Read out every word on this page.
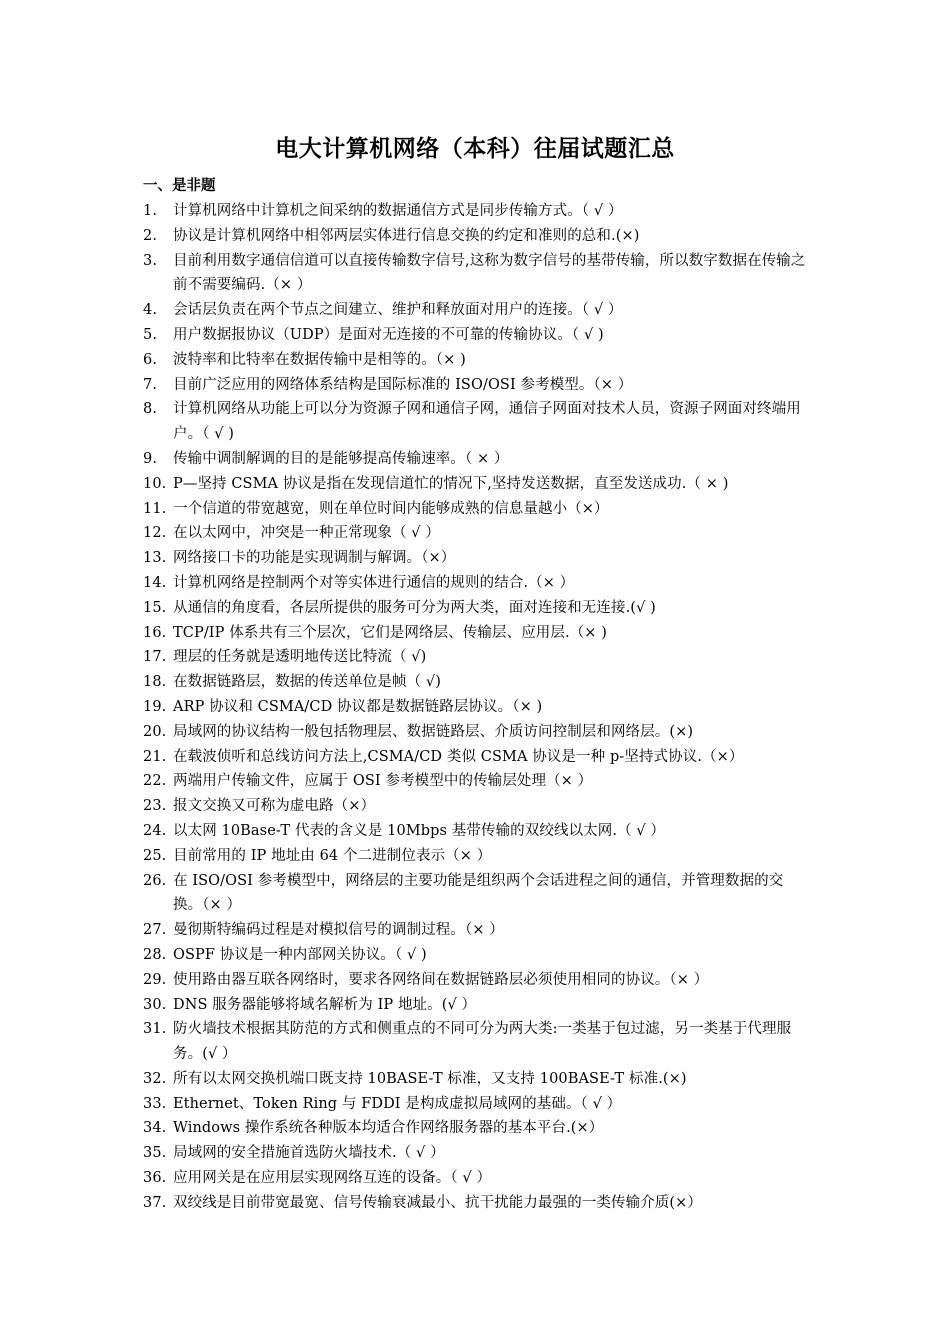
电大计算机网络（本科）往届试题汇总
一、是非题
1. 计算机网络中计算机之间采纳的数据通信方式是同步传输方式。（ √ ）
2. 协议是计算机网络中相邻两层实体进行信息交换的约定和准则的总和.(×)
3. 目前利用数字通信信道可以直接传输数字信号,这称为数字信号的基带传输，所以数字数据在传输之前不需要编码.（× ）
4. 会话层负责在两个节点之间建立、维护和释放面对用户的连接。（ √ ）
5. 用户数据报协议（UDP）是面对无连接的不可靠的传输协议。（ √ )
6. 波特率和比特率在数据传输中是相等的。（× )
7. 目前广泛应用的网络体系结构是国际标准的 ISO/OSI 参考模型。（× ）
8. 计算机网络从功能上可以分为资源子网和通信子网，通信子网面对技术人员，资源子网面对终端用户。（ √ )
9. 传输中调制解调的目的是能够提高传输速率。（ × ）
10. P—坚持 CSMA 协议是指在发现信道忙的情况下,坚持发送数据，直至发送成功.（ × )
11. 一个信道的带宽越宽，则在单位时间内能够成熟的信息量越小（×）
12. 在以太网中，冲突是一种正常现象（ √ ）
13. 网络接口卡的功能是实现调制与解调。（×）
14. 计算机网络是控制两个对等实体进行通信的规则的结合.（× ）
15. 从通信的角度看，各层所提供的服务可分为两大类，面对连接和无连接.(√ )
16. TCP/IP 体系共有三个层次，它们是网络层、传输层、应用层.（× )
17. 理层的任务就是透明地传送比特流（ √)
18. 在数据链路层，数据的传送单位是帧（ √)
19. ARP 协议和 CSMA/CD 协议都是数据链路层协议。（× )
20. 局域网的协议结构一般包括物理层、数据链路层、介质访问控制层和网络层。(×)
21. 在载波侦听和总线访问方法上,CSMA/CD 类似 CSMA 协议是一种 p-坚持式协议.（×）
22. 两端用户传输文件，应属于 OSI 参考模型中的传输层处理（× ）
23. 报文交换又可称为虚电路（×）
24. 以太网 10Base-T 代表的含义是 10Mbps 基带传输的双绞线以太网.（ √ ）
25. 目前常用的 IP 地址由 64 个二进制位表示（× ）
26. 在 ISO/OSI 参考模型中，网络层的主要功能是组织两个会话进程之间的通信，并管理数据的交换。（× ）
27. 曼彻斯特编码过程是对模拟信号的调制过程。（× ）
28. OSPF 协议是一种内部网关协议。（ √ )
29. 使用路由器互联各网络时，要求各网络间在数据链路层必须使用相同的协议。（× ）
30. DNS 服务器能够将域名解析为 IP 地址。(√ ）
31. 防火墙技术根据其防范的方式和侧重点的不同可分为两大类:一类基于包过滤，另一类基于代理服务。(√ ）
32. 所有以太网交换机端口既支持 10BASE-T 标准，又支持 100BASE-T 标准.(×)
33. Ethernet、Token Ring 与 FDDI 是构成虚拟局域网的基础。（ √ ）
34. Windows 操作系统各种版本均适合作网络服务器的基本平台.(×）
35. 局域网的安全措施首选防火墙技术.（ √ ）
36. 应用网关是在应用层实现网络互连的设备。（ √ ）
37. 双绞线是目前带宽最宽、信号传输衰减最小、抗干扰能力最强的一类传输介质(×）
